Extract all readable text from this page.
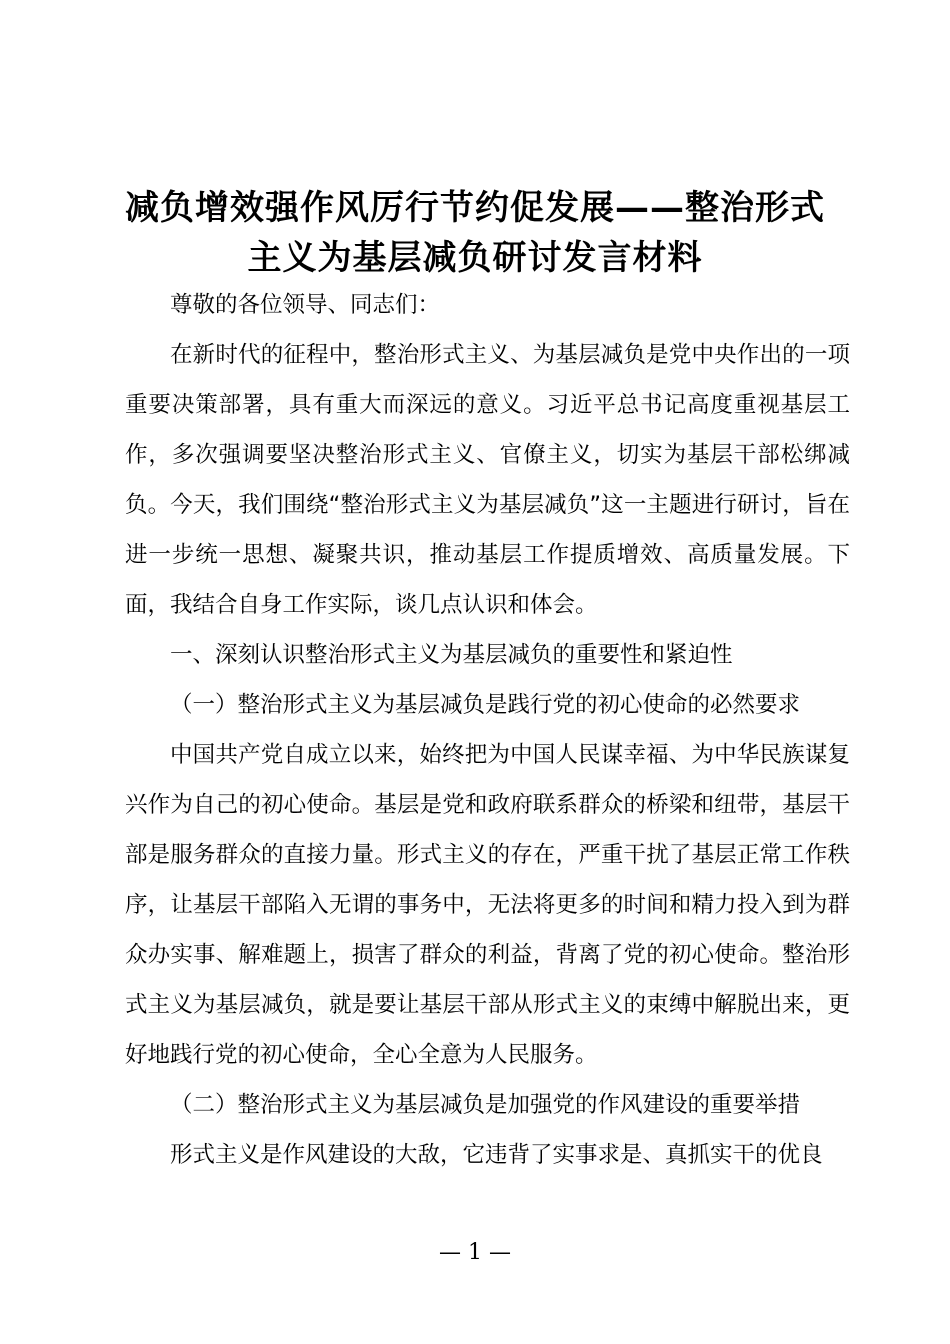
减负增效强作风厉行节约促发展——整治形式
主义为基层减负研讨发言材料

尊敬的各位领导、同志们：

在新时代的征程中，整治形式主义、为基层减负是党中央作出的一项重要决策部署，具有重大而深远的意义。习近平总书记高度重视基层工作，多次强调要坚决整治形式主义、官僚主义，切实为基层干部松绑减负。今天，我们围绕“整治形式主义为基层减负”这一主题进行研讨，旨在进一步统一思想、凝聚共识，推动基层工作提质增效、高质量发展。下面，我结合自身工作实际，谈几点认识和体会。

一、深刻认识整治形式主义为基层减负的重要性和紧迫性

（一）整治形式主义为基层减负是践行党的初心使命的必然要求

中国共产党自成立以来，始终把为中国人民谋幸福、为中华民族谋复兴作为自己的初心使命。基层是党和政府联系群众的桥梁和纽带，基层干部是服务群众的直接力量。形式主义的存在，严重干扰了基层正常工作秩序，让基层干部陷入无谓的事务中，无法将更多的时间和精力投入到为群众办实事、解难题上，损害了群众的利益，背离了党的初心使命。整治形式主义为基层减负，就是要让基层干部从形式主义的束缚中解脱出来，更好地践行党的初心使命，全心全意为人民服务。

（二）整治形式主义为基层减负是加强党的作风建设的重要举措

形式主义是作风建设的大敌，它违背了实事求是、真抓实干的优良

— 1 —
